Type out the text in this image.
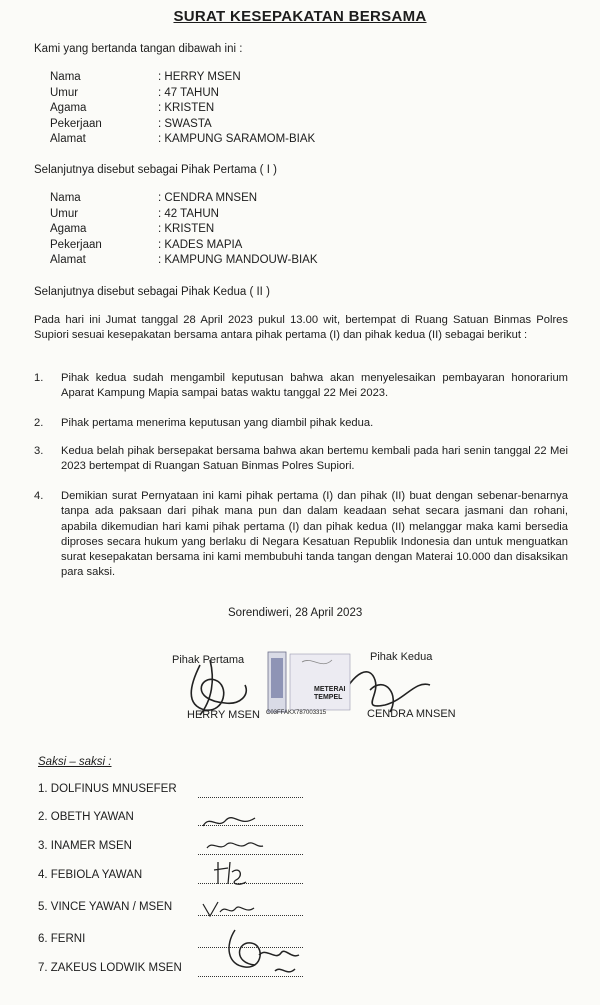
SURAT KESEPAKATAN BERSAMA
Kami yang bertanda tangan dibawah ini :
Nama	: HERRY MSEN
Umur	: 47 TAHUN
Agama	: KRISTEN
Pekerjaan	: SWASTA
Alamat	: KAMPUNG SARAMOM-BIAK
Selanjutnya disebut sebagai Pihak Pertama ( I )
Nama	: CENDRA MNSEN
Umur	: 42 TAHUN
Agama	: KRISTEN
Pekerjaan	: KADES MAPIA
Alamat	: KAMPUNG MANDOUW-BIAK
Selanjutnya disebut sebagai Pihak Kedua ( II )
Pada hari ini Jumat tanggal 28 April 2023 pukul 13.00 wit, bertempat di Ruang Satuan Binmas Polres Supiori sesuai kesepakatan bersama antara pihak pertama (I) dan pihak kedua (II) sebagai berikut :
1. Pihak kedua sudah mengambil keputusan bahwa akan menyelesaikan pembayaran honorarium Aparat Kampung Mapia sampai batas waktu tanggal 22 Mei 2023.
2. Pihak pertama menerima keputusan yang diambil pihak kedua.
3. Kedua belah pihak bersepakat bersama bahwa akan bertemu kembali pada hari senin tanggal 22 Mei 2023 bertempat di Ruangan Satuan Binmas Polres Supiori.
4. Demikian surat Pernyataan ini kami pihak pertama (I) dan pihak (II) buat dengan sebenar-benarnya tanpa ada paksaan dari pihak mana pun dan dalam keadaan sehat secara jasmani dan rohani, apabila dikemudian hari kami pihak pertama (I) dan pihak kedua (II) melanggar maka kami bersedia diproses secara hukum yang berlaku di Negara Kesatuan Republik Indonesia dan untuk menguatkan surat kesepakatan bersama ini kami membubuhi tanda tangan dengan Materai 10.000 dan disaksikan para saksi.
Sorendiweri, 28 April 2023
Pihak Pertama	Pihak Kedua
METERAI TEMPEL
C03FFAKX787003315
HERRY MSEN	CENDRA MNSEN
Saksi – saksi :
1. DOLFINUS MNUSEFER
2. OBETH YAWAN
3. INAMER MSEN
4. FEBIOLA YAWAN
5. VINCE YAWAN / MSEN
6. FERNI
7. ZAKEUS LODWIK MSEN
